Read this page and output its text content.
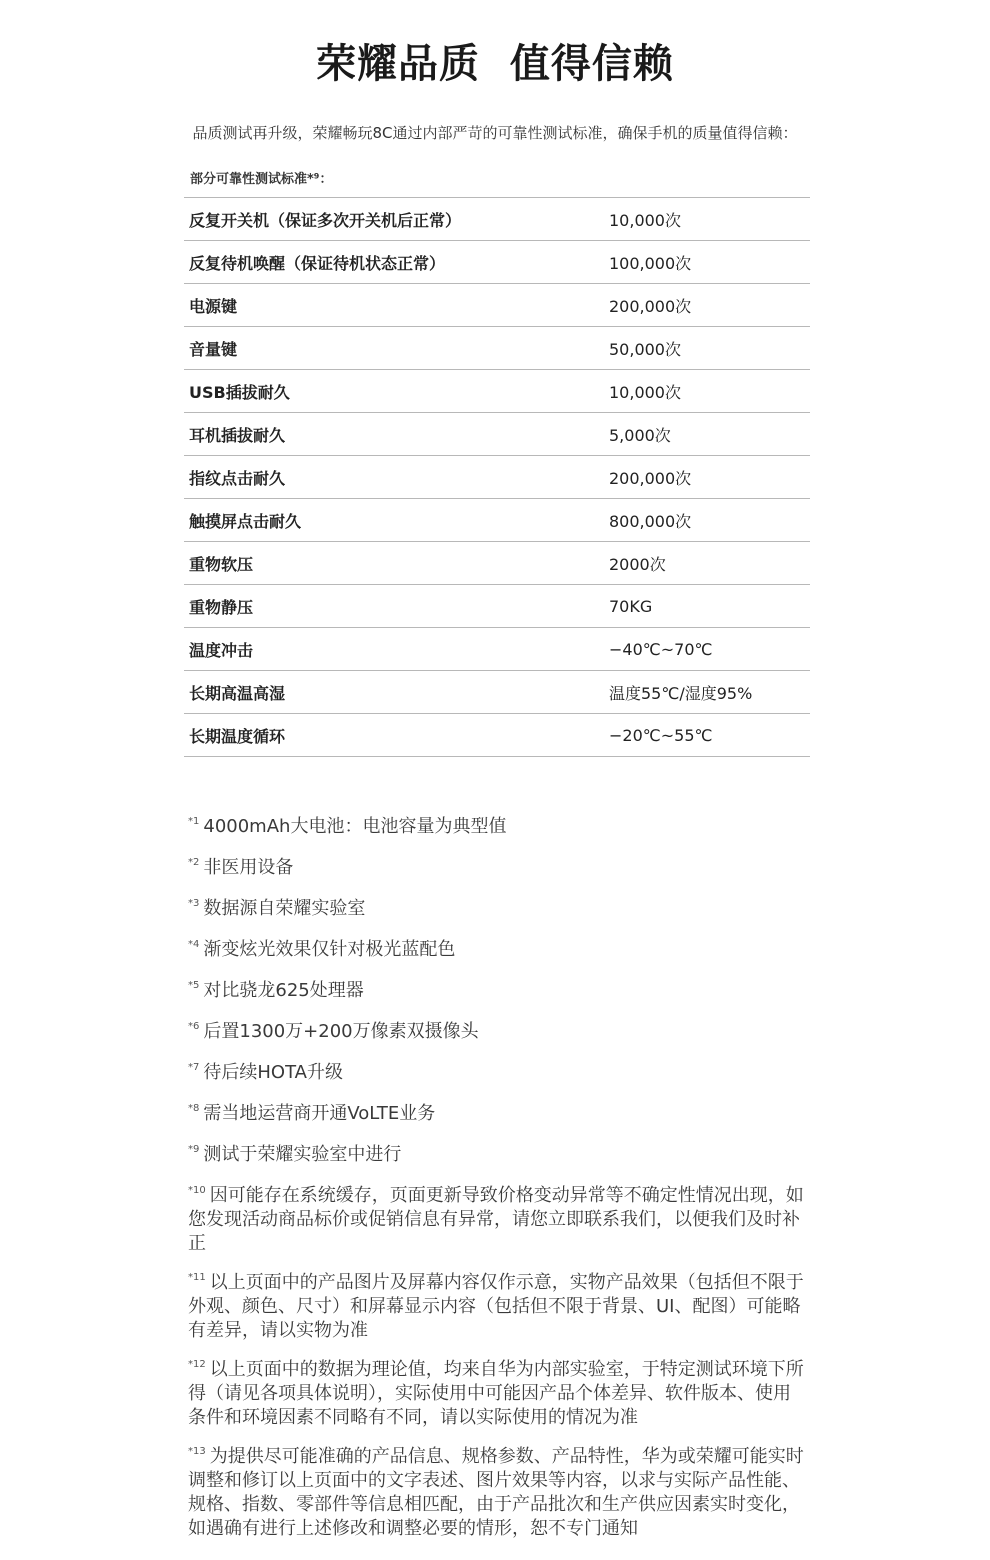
荣耀品质  值得信赖

品质测试再升级，荣耀畅玩8C通过内部严苛的可靠性测试标准，确保手机的质量值得信赖：

部分可靠性测试标准*⁹：
反复开关机（保证多次开关机后正常）	10,000次
反复待机唤醒（保证待机状态正常）	100,000次
电源键	200,000次
音量键	50,000次
USB插拔耐久	10,000次
耳机插拔耐久	5,000次
指纹点击耐久	200,000次
触摸屏点击耐久	800,000次
重物软压	2000次
重物静压	70KG
温度冲击	−40℃~70℃
长期高温高湿	温度55℃/湿度95%
长期温度循环	−20℃~55℃
$^{*1}$ 4000mAh大电池：电池容量为典型值
$^{*2}$ 非医用设备
$^{*3}$ 数据源自荣耀实验室
$^{*4}$ 渐变炫光效果仅针对极光蓝配色
$^{*5}$ 对比骁龙625处理器
$^{*6}$ 后置1300万+200万像素双摄像头
$^{*7}$ 待后续HOTA升级
$^{*8}$ 需当地运营商开通VoLTE业务
$^{*9}$ 测试于荣耀实验室中进行
$^{*10}$ 因可能存在系统缓存，页面更新导致价格变动异常等不确定性情况出现，如您发现活动商品标价或促销信息有异常，请您立即联系我们，以便我们及时补正
$^{*11}$ 以上页面中的产品图片及屏幕内容仅作示意，实物产品效果（包括但不限于外观、颜色、尺寸）和屏幕显示内容（包括但不限于背景、UI、配图）可能略有差异，请以实物为准
$^{*12}$ 以上页面中的数据为理论值，均来自华为内部实验室，于特定测试环境下所得（请见各项具体说明），实际使用中可能因产品个体差异、软件版本、使用条件和环境因素不同略有不同，请以实际使用的情况为准
$^{*13}$ 为提供尽可能准确的产品信息、规格参数、产品特性，华为或荣耀可能实时调整和修订以上页面中的文字表述、图片效果等内容，以求与实际产品性能、规格、指数、零部件等信息相匹配，由于产品批次和生产供应因素实时变化，如遇确有进行上述修改和调整必要的情形，恕不专门通知
